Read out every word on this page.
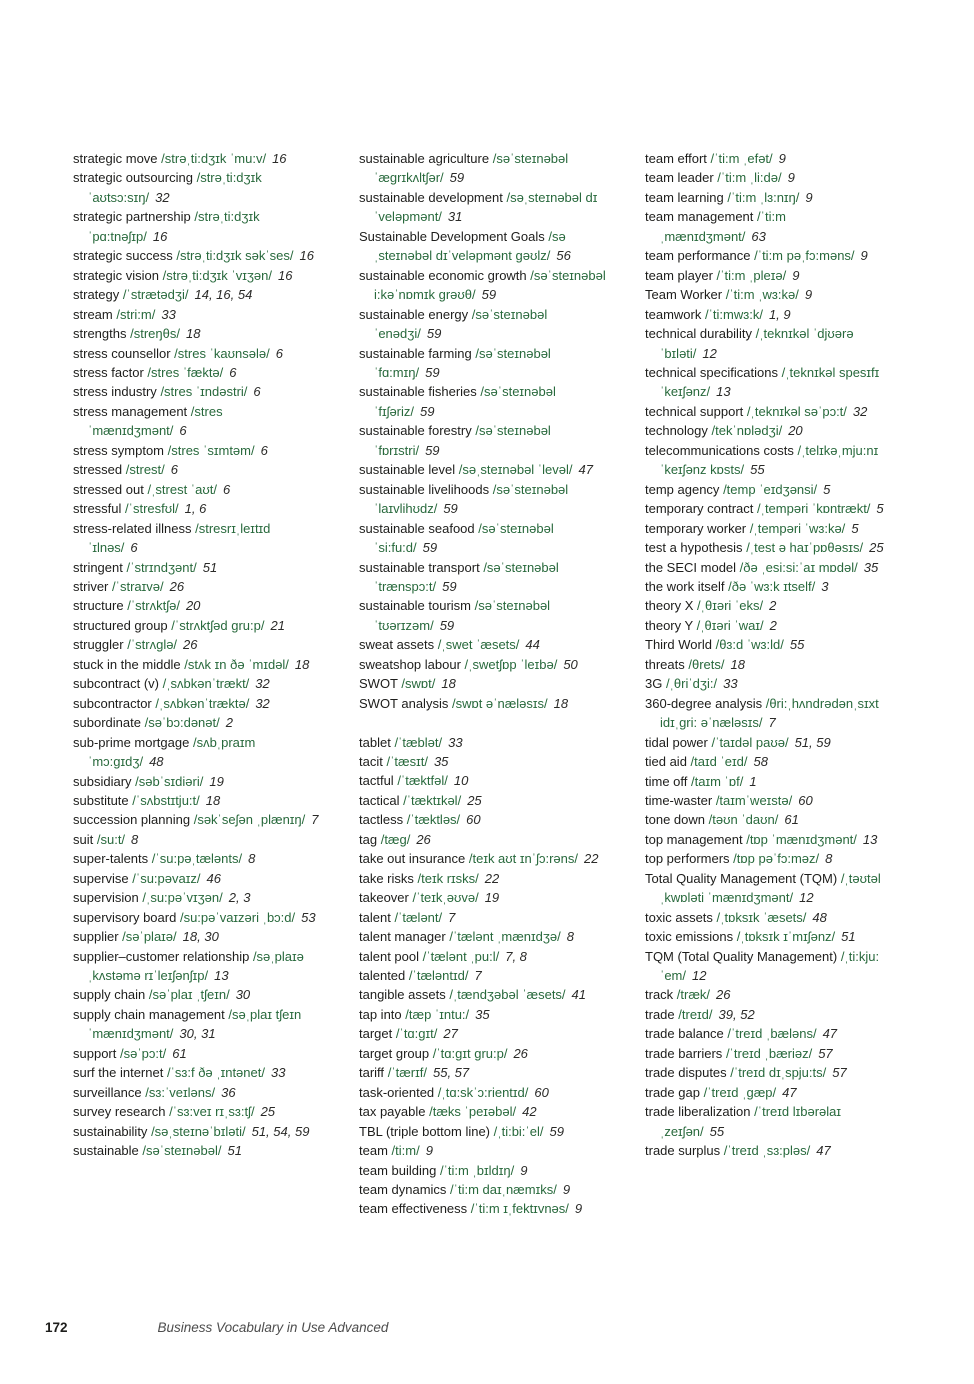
strategic move /strəˌti:dʒɪk ˈmu:v/ 16

strategic outsourcing /strəˌti:dʒɪk ˈaʊtsɔ:sɪŋ/ 32

strategic partnership /strəˌti:dʒɪk ˈpɑ:tnəʃɪp/ 16

strategic success /strəˌti:dʒɪk səkˈses/ 16

strategic vision /strəˌti:dʒɪk ˈvɪʒən/ 16

strategy /ˈstrætədʒi/ 14, 16, 54

stream /stri:m/ 33

strengths /streŋθs/ 18

stress counsellor /stres ˈkaʊnsələ/ 6

stress factor /stres ˈfæktə/ 6

stress industry /stres ˈɪndəstri/ 6

stress management /stres ˈmænɪdʒmənt/ 6

stress symptom /stres ˈsɪmtəm/ 6

stressed /strest/ 6

stressed out /ˌstrest ˈaʊt/ 6

stressful /ˈstresfʊl/ 1, 6

stress-related illness /stresrɪˌleɪtɪd ˈɪlnəs/ 6

stringent /ˈstrɪndʒənt/ 51

striver /ˈstraɪvə/ 26

structure /ˈstrʌktʃə/ 20

structured group /ˈstrʌktʃəd gru:p/ 21

struggler /ˈstrʌglə/ 26

stuck in the middle /stʌk ɪn ðə ˈmɪdəl/ 18

subcontract (v) /ˌsʌbkənˈtrækt/ 32

subcontractor /ˌsʌbkənˈtræktə/ 32

subordinate /səˈbɔ:dənət/ 2

sub-prime mortgage /sʌbˌpraɪm ˈmɔ:gɪdʒ/ 48

subsidiary /səbˈsɪdiəri/ 19

substitute /ˈsʌbstɪtju:t/ 18

succession planning /səkˈseʃən ˌplænɪŋ/ 7

suit /su:t/ 8

super-talents /ˈsu:pəˌtælənts/ 8

supervise /ˈsu:pəvaɪz/ 46

supervision /ˌsu:pəˈvɪʒən/ 2, 3

supervisory board /su:pəˈvaɪzəri ˌbɔ:d/ 53

supplier /səˈplaɪə/ 18, 30

supplier–customer relationship /səˌplaɪə ˌkʌstəmə rɪˈleɪʃənʃɪp/ 13

supply chain /səˈplaɪ ˌtʃeɪn/ 30

supply chain management /səˌplaɪ tʃeɪn ˈmænɪdʒmənt/ 30, 31

support /səˈpɔ:t/ 61

surf the internet /ˈsɜ:f ðə ˌɪntənet/ 33

surveillance /sɜ:ˈveɪləns/ 36

survey research /ˈsɜ:veɪ rɪˌsɜ:tʃ/ 25

sustainability /səˌsteɪnəˈbɪləti/ 51, 54, 59

sustainable /səˈsteɪnəbəl/ 51

sustainable agriculture /səˈsteɪnəbəl ˈægrɪkʌltʃər/ 59

sustainable development /səˌsteɪnəbəl dɪˈveləpmənt/ 31

Sustainable Development Goals /səˌsteɪnəbəl dɪˈveləpmənt gəʊlz/ 56

sustainable economic growth /səˈsteɪnəbəl i:kəˈnɒmɪk grəʊθ/ 59

sustainable energy /səˈsteɪnəbəl ˈenədʒi/ 59

sustainable farming /səˈsteɪnəbəl ˈfɑ:mɪŋ/ 59

sustainable fisheries /səˈsteɪnəbəl ˈfɪʃəriz/ 59

sustainable forestry /səˈsteɪnəbəl ˈfɒrɪstri/ 59

sustainable level /səˌsteɪnəbəl ˈlevəl/ 47

sustainable livelihoods /səˈsteɪnəbəl ˈlaɪvlihʊdz/ 59

sustainable seafood /səˈsteɪnəbəl ˈsi:fu:d/ 59

sustainable transport /səˈsteɪnəbəl ˈtrænspɔ:t/ 59

sustainable tourism /səˈsteɪnəbəl ˈtʊərɪzəm/ 59

sweat assets /ˌswet ˈæsets/ 44

sweatshop labour /ˌswetʃɒp ˈleɪbə/ 50

SWOT /swɒt/ 18

SWOT analysis /swɒt əˈnæləsɪs/ 18

tablet /ˈtæblət/ 33

tacit /ˈtæsɪt/ 35

tactful /ˈtæktfəl/ 10

tactical /ˈtæktɪkəl/ 25

tactless /ˈtæktləs/ 60

tag /tæg/ 26

take out insurance /teɪk aʊt ɪnˈʃɔ:rəns/ 22

take risks /teɪk rɪsks/ 22

takeover /ˈteɪkˌəʊvə/ 19

talent /ˈtælənt/ 7

talent manager /ˈtælənt ˌmænɪdʒə/ 8

talent pool /ˈtælənt ˌpu:l/ 7, 8

talented /ˈtæləntɪd/ 7

tangible assets /ˌtændʒəbəl ˈæsets/ 41

tap into /tæp ˈɪntu:/ 35

target /ˈtɑ:gɪt/ 27

target group /ˈtɑ:gɪt gru:p/ 26

tariff /ˈtærɪf/ 55, 57

task-oriented /ˌtɑ:skˈɔ:rientɪd/ 60

tax payable /tæks ˈpeɪəbəl/ 42

TBL (triple bottom line) /ˌti:bi:ˈel/ 59

team /ti:m/ 9

team building /ˈti:m ˌbɪldɪŋ/ 9

team dynamics /ˈti:m daɪˌnæmɪks/ 9

team effectiveness /ˈti:m ɪˌfektɪvnəs/ 9

team effort /ˈti:m ˌefət/ 9

team leader /ˈti:m ˌli:də/ 9

team learning /ˈti:m ˌlɜ:nɪŋ/ 9

team management /ˈti:m ˌmænɪdʒmənt/ 63

team performance /ˈti:m pəˌfɔ:məns/ 9

team player /ˈti:m ˌpleɪə/ 9

Team Worker /ˈti:m ˌwɜ:kə/ 9

teamwork /ˈti:mwɜ:k/ 1, 9

technical durability /ˌteknɪkəl ˈdjʊərəˈbɪləti/ 12

technical specifications /ˌteknɪkəl spesɪfɪˈkeɪʃənz/ 13

technical support /ˌteknɪkəl səˈpɔ:t/ 32

technology /tekˈnɒlədʒi/ 20

telecommunications costs /ˌtelɪkəˌmju:nɪˈkeɪʃənz kɒsts/ 55

temp agency /temp ˈeɪdʒənsi/ 5

temporary contract /ˌtempəri ˈkɒntrækt/ 5

temporary worker /ˌtempəri ˈwɜ:kə/ 5

test a hypothesis /ˌtest ə haɪˈpɒθəsɪs/ 25

the SECI model /ðə ˌesi:si:ˈaɪ mɒdəl/ 35

the work itself /ðə ˈwɜ:k ɪtself/ 3

theory X /ˌθɪəri ˈeks/ 2

theory Y /ˌθɪəri ˈwaɪ/ 2

Third World /θɜ:d ˈwɜ:ld/ 55

threats /θrets/ 18

3G /ˌθriˈdʒi:/ 33

360-degree analysis /θri:ˌhʌndrədənˌsɪxt idɪˌgri: əˈnæləsɪs/ 7

tidal power /ˈtaɪdəl paʊə/ 51, 59

tied aid /taɪd ˈeɪd/ 58

time off /taɪm ˈɒf/ 1

time-waster /taɪmˈweɪstə/ 60

tone down /təʊn ˈdaʊn/ 61

top management /tɒp ˈmænɪdʒmənt/ 13

top performers /tɒp pəˈfɔ:məz/ 8

Total Quality Management (TQM) /ˌtəʊtəl ˌkwɒləti ˈmænɪdʒmənt/ 12

toxic assets /ˌtɒksɪk ˈæsets/ 48

toxic emissions /ˌtɒksɪk ɪˈmɪʃənz/ 51

TQM (Total Quality Management) /ˌti:kju:ˈem/ 12

track /træk/ 26

trade /treɪd/ 39, 52

trade balance /ˈtreɪd ˌbæləns/ 47

trade barriers /ˈtreɪd ˌbæriəz/ 57

trade disputes /ˈtreɪd dɪˌspju:ts/ 57

trade gap /ˈtreɪd ˌgæp/ 47

trade liberalization /ˈtreɪd lɪbərəlaɪˌzeɪʃən/ 55

trade surplus /ˈtreɪd ˌsɜ:pləs/ 47

172	Business Vocabulary in Use Advanced
